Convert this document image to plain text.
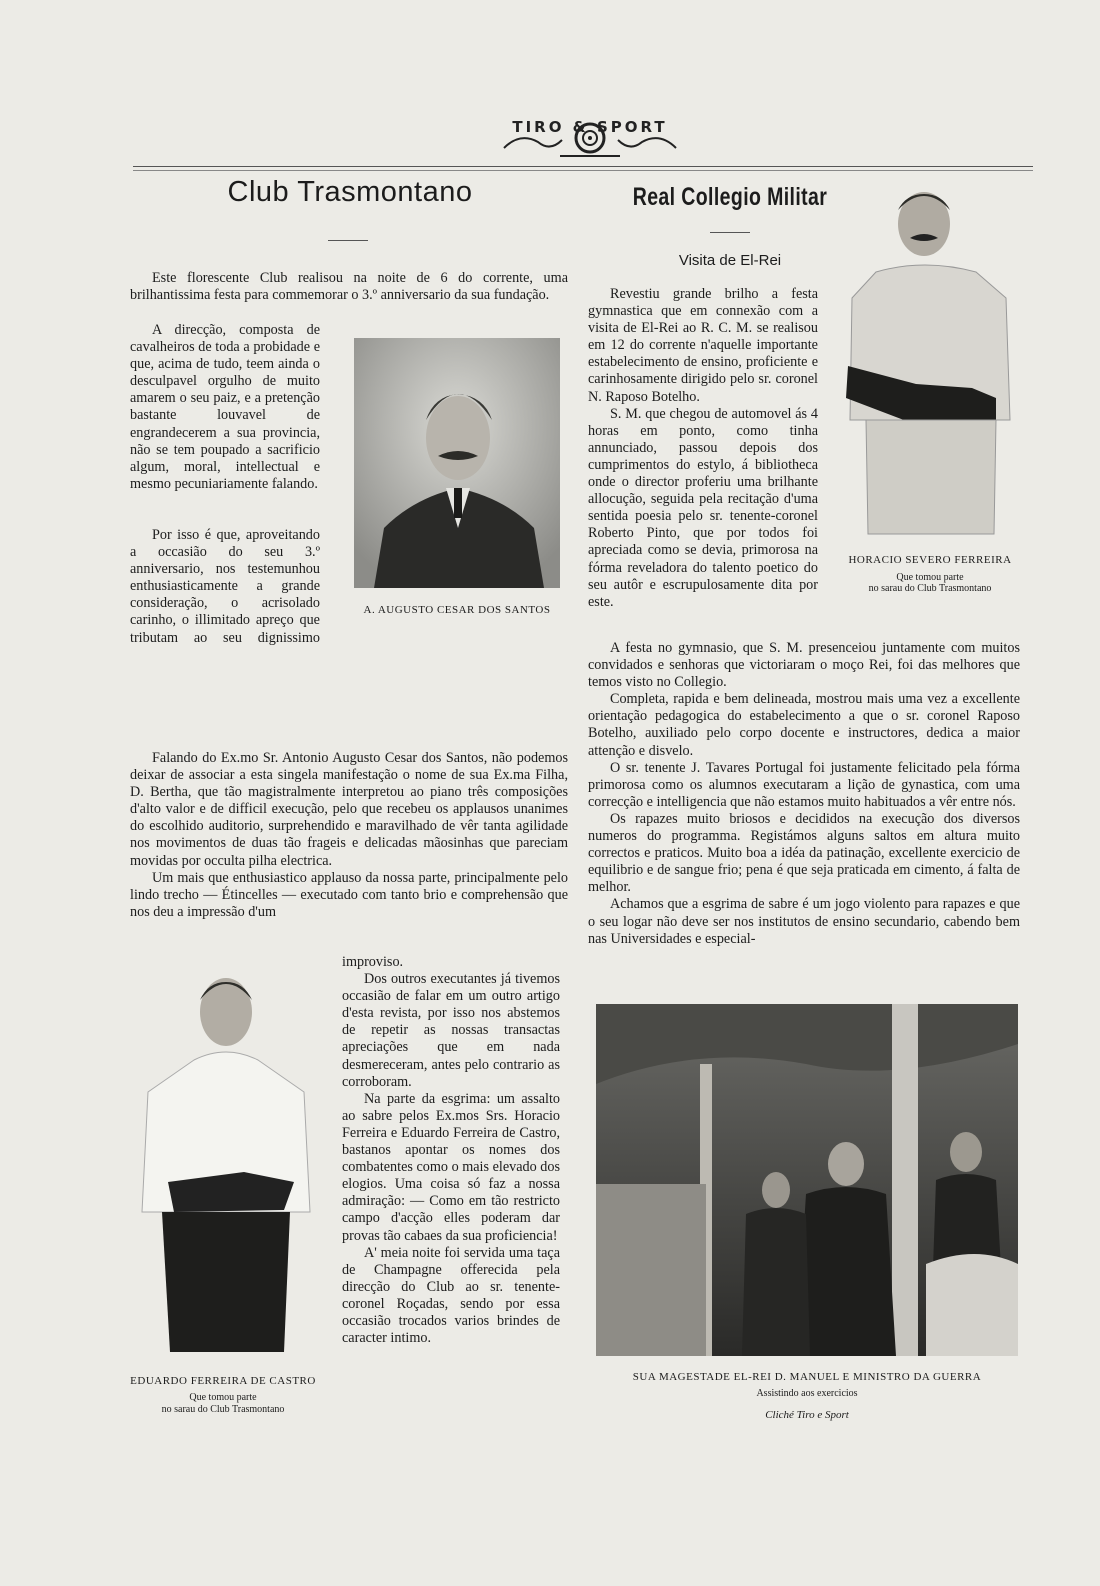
TIRO & SPORT
Club Trasmontano	Real Collegio Militar
Visita de El-Rei

Este florescente Club realisou na noite de 6 do corrente, uma brilhantissima festa para commemorar o 3.º anniversario da sua fundação.

A direcção, composta de cavalheiros de toda a probidade e que, acima de tudo, teem ainda o desculpavel orgulho de muito amarem o seu paiz, e a pretenção bastante louvavel de engrandecerem a sua provincia, não se tem poupado a sacrificio algum, moral, intellectual e mesmo pecuniariamente falando.

A. AUGUSTO CESAR DOS SANTOS

Por isso é que, aproveitando a occasião do seu 3.º anniversario, nos testemunhou enthusiasticamente a grande consideração, o acrisolado carinho, o illimitado apreço que tributam ao seu dignissimo

Falando do Ex.mo Sr. Antonio Augusto Cesar dos Santos, não podemos deixar de associar a esta singela manifestação o nome de sua Ex.ma Filha, D. Bertha, que tão magistralmente interpretou ao piano três composições d'alto valor e de difficil execução, pelo que recebeu os applausos unanimes do escolhido auditorio, surprehendido e maravilhado de vêr tanta agilidade nos movimentos de duas tão frageis e delicadas mãosinhas que pareciam movidas por occulta pilha electrica.

Um mais que enthusiastico applauso da nossa parte, principalmente pelo lindo trecho — Étincelles — executado com tanto brio e comprehensão que nos deu a impressão d'um

EDUARDO FERREIRA DE CASTRO
Que tomou parte
no sarau do Club Trasmontano

improviso.

Dos outros executantes já tivemos occasião de falar em um outro artigo d'esta revista, por isso nos abstemos de repetir as nossas transactas apreciações que em nada desmereceram, antes pelo contrario as corroboram.

Na parte da esgrima: um assalto ao sabre pelos Ex.mos Srs. Horacio Ferreira e Eduardo Ferreira de Castro, bastanos apontar os nomes dos combatentes como o mais elevado dos elogios. Uma coisa só faz a nossa admiração: — Como em tão restricto campo d'acção elles poderam dar provas tão cabaes da sua proficiencia!

A' meia noite foi servida uma taça de Champagne offerecida pela direcção do Club ao sr. tenente-coronel Roçadas, sendo por essa occasião trocados varios brindes de caracter intimo.

Revestiu grande brilho a festa gymnastica que em connexão com a visita de El-Rei ao R. C. M. se realisou em 12 do corrente n'aquelle importante estabelecimento de ensino, proficiente e carinhosamente dirigido pelo sr. coronel N. Raposo Botelho.

S. M. que chegou de automovel ás 4 horas em ponto, como tinha annunciado, passou depois dos cumprimentos do estylo, á bibliotheca onde o director proferiu uma brilhante allocução, seguida pela recitação d'uma sentida poesia pelo sr. tenente-coronel Roberto Pinto, que por todos foi apreciada como se devia, primorosa na fórma reveladora do talento poetico do seu autôr e escrupulosamente dita por este.

HORACIO SEVERO FERREIRA
Que tomou parte
no sarau do Club Trasmontano

A festa no gymnasio, que S. M. presenceiou juntamente com muitos convidados e senhoras que victoriaram o moço Rei, foi das melhores que temos visto no Collegio.

Completa, rapida e bem delineada, mostrou mais uma vez a excellente orientação pedagogica do estabelecimento a que o sr. coronel Raposo Botelho, auxiliado pelo corpo docente e instructores, dedica a maior attenção e disvelo.

O sr. tenente J. Tavares Portugal foi justamente felicitado pela fórma primorosa como os alumnos executaram a lição de gynastica, com uma correcção e intelligencia que não estamos muito habituados a vêr entre nós.

Os rapazes muito briosos e decididos na execução dos diversos numeros do programma. Registámos alguns saltos em altura muito correctos e praticos. Muito boa a idéa da patinação, excellente exercicio de equilibrio e de sangue frio; pena é que seja praticada em cimento, á falta de melhor.

Achamos que a esgrima de sabre é um jogo violento para rapazes e que o seu logar não deve ser nos institutos de ensino secundario, cabendo bem nas Universidades e especial-

SUA MAGESTADE EL-REI D. MANUEL E MINISTRO DA GUERRA
Assistindo aos exercicios
Cliché Tiro e Sport
